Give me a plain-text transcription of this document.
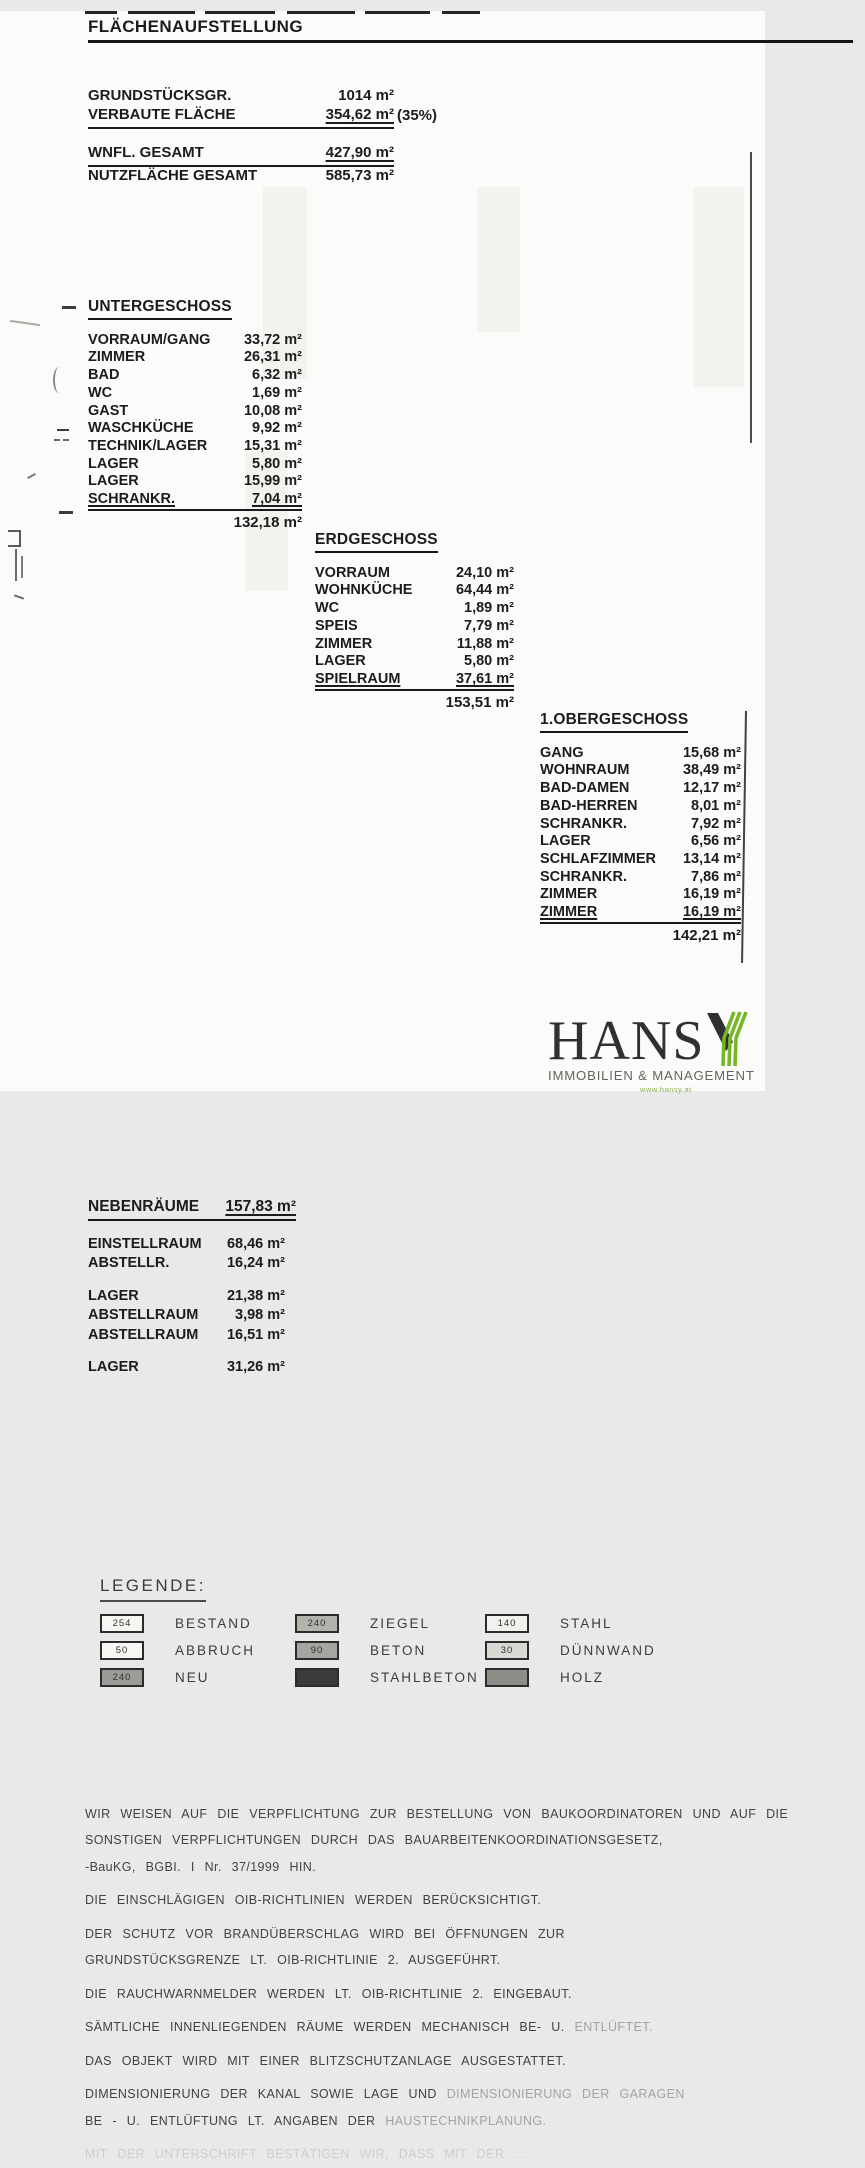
FLÄCHENAUFSTELLUNG
GRUNDSTÜCKSGR.	1014 m²
VERBAUTE FLÄCHE	354,62 m² (35%)
WNFL. GESAMT	427,90 m²
NUTZFLÄCHE GESAMT	585,73 m²
UNTERGESCHOSS
VORRAUM/GANG 33,72 m²
ZIMMER	26,31 m²
BAD	6,32 m²
WC	1,69 m²
GAST	10,08 m²
WASCHKÜCHE	9,92 m²
TECHNIK/LAGER	15,31 m²
LAGER	5,80 m²
LAGER	15,99 m²
SCHRANKR.	7,04 m²
132,18 m²
ERDGESCHOSS
VORRAUM	24,10 m²
WOHNKÜCHE	64,44 m²
WC	1,89 m²
SPEIS	7,79 m²
ZIMMER	11,88 m²
LAGER	5,80 m²
SPIELRAUM	37,61 m²
153,51 m²
1.OBERGESCHOSS
GANG	15,68 m²
WOHNRAUM	38,49 m²
BAD-DAMEN	12,17 m²
BAD-HERREN	8,01 m²
SCHRANKR.	7,92 m²
LAGER	6,56 m²
SCHLAFZIMMER 13,14 m²
SCHRANKR.	7,86 m²
ZIMMER	16,19 m²
ZIMMER	16,19 m²
142,21 m²
NEBENRÄUME 157,83 m²
EINSTELLRAUM 68,46 m²
ABSTELLR.	16,24 m²
LAGER	21,38 m²
ABSTELLRAUM	3,98 m²
ABSTELLRAUM 16,51 m²
LAGER	31,26 m²
LEGENDE:
254	BESTAND
50	ABBRUCH
240	NEU
240	ZIEGEL
90	BETON
STAHLBETON
140	STAHL
30	DÜNNWAND
HOLZ
WIR WEISEN AUF DIE VERPFLICHTUNG ZUR BESTELLUNG VON BAUKOORDINATOREN UND AUF DIE
SONSTIGEN VERPFLICHTUNGEN DURCH DAS BAUARBEITENKOORDINATIONSGESETZ,
-BauKG, BGBI. I Nr. 37/1999 HIN.
DIE EINSCHLÄGIGEN OIB-RICHTLINIEN WERDEN BERÜCKSICHTIGT.
DER SCHUTZ VOR BRANDÜBERSCHLAG WIRD BEI ÖFFNUNGEN ZUR
GRUNDSTÜCKSGRENZE LT. OIB-RICHTLINIE 2. AUSGEFÜHRT.
DIE RAUCHWARNMELDER WERDEN LT. OIB-RICHTLINIE 2. EINGEBAUT.
SÄMTLICHE INNENLIEGENDEN RÄUME WERDEN MECHANISCH BE- U. ENTLÜFTET.
DAS OBJEKT WIRD MIT EINER BLITZSCHUTZANLAGE AUSGESTATTET.
DIMENSIONIERUNG DER KANAL SOWIE LAGE UND DIMENSIONIERUNG DER GARAGEN
BE - U. ENTLÜFTUNG LT. ANGABEN DER HAUSTECHNIKPLANUNG.
MIT DER UNTERSCHRIFT BESTÄTIGEN WIR, DASS MIT DER ...
HANS
IMMOBILIEN & MANAGEMENT
www.hansy.at
